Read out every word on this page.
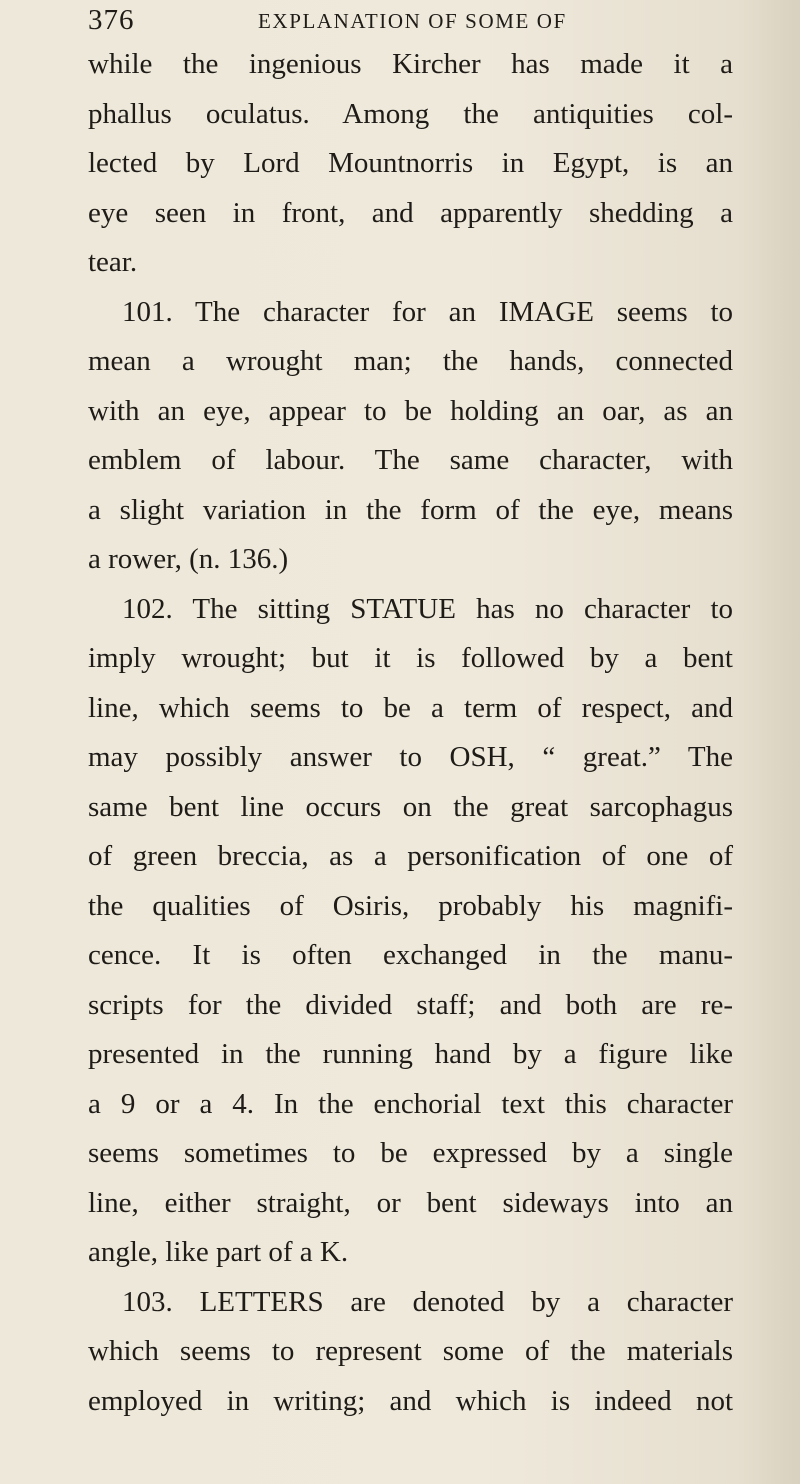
376	EXPLANATION OF SOME OF
while the ingenious Kircher has made it a
phallus oculatus. Among the antiquities col-
lected by Lord Mountnorris in Egypt, is an
eye seen in front, and apparently shedding a
tear.
101. The character for an IMAGE seems to
mean a wrought man; the hands, connected
with an eye, appear to be holding an oar, as an
emblem of labour. The same character, with
a slight variation in the form of the eye, means
a rower, (n. 136.)
102. The sitting STATUE has no character to
imply wrought; but it is followed by a bent
line, which seems to be a term of respect, and
may possibly answer to OSH, “ great.” The
same bent line occurs on the great sarcophagus
of green breccia, as a personification of one of
the qualities of Osiris, probably his magnifi-
cence. It is often exchanged in the manu-
scripts for the divided staff; and both are re-
presented in the running hand by a figure like
a 9 or a 4. In the enchorial text this character
seems sometimes to be expressed by a single
line, either straight, or bent sideways into an
angle, like part of a K.
103. LETTERS are denoted by a character
which seems to represent some of the materials
employed in writing; and which is indeed not
